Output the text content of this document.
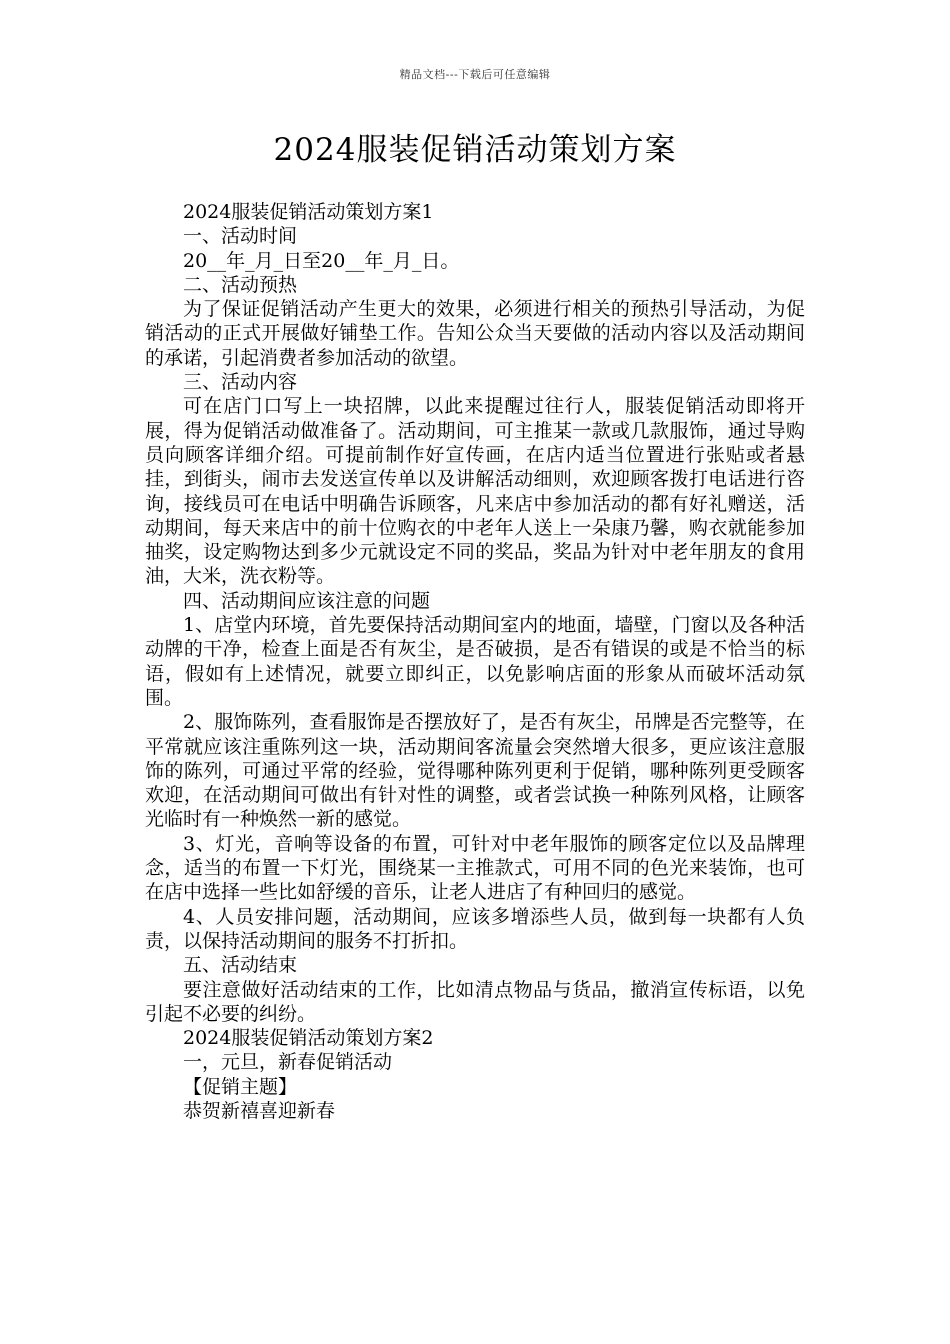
精品文档---下载后可任意编辑
2024服装促销活动策划方案

2024服装促销活动策划方案1

一、活动时间

20__年_月_日至20__年_月_日。

二、活动预热

为了保证促销活动产生更大的效果，必须进行相关的预热引导活动，为促销活动的正式开展做好铺垫工作。告知公众当天要做的活动内容以及活动期间的承诺，引起消费者参加活动的欲望。

三、活动内容

可在店门口写上一块招牌，以此来提醒过往行人，服装促销活动即将开展，得为促销活动做准备了。活动期间，可主推某一款或几款服饰，通过导购员向顾客详细介绍。可提前制作好宣传画，在店内适当位置进行张贴或者悬挂，到街头，闹市去发送宣传单以及讲解活动细则，欢迎顾客拨打电话进行咨询，接线员可在电话中明确告诉顾客，凡来店中参加活动的都有好礼赠送，活动期间，每天来店中的前十位购衣的中老年人送上一朵康乃馨，购衣就能参加抽奖，设定购物达到多少元就设定不同的奖品，奖品为针对中老年朋友的食用油，大米，洗衣粉等。

四、活动期间应该注意的问题

1、店堂内环境，首先要保持活动期间室内的地面，墙壁，门窗以及各种活动牌的干净，检查上面是否有灰尘，是否破损，是否有错误的或是不恰当的标语，假如有上述情况，就要立即纠正，以免影响店面的形象从而破坏活动氛围。

2、服饰陈列，查看服饰是否摆放好了，是否有灰尘，吊牌是否完整等，在平常就应该注重陈列这一块，活动期间客流量会突然增大很多，更应该注意服饰的陈列，可通过平常的经验，觉得哪种陈列更利于促销，哪种陈列更受顾客欢迎，在活动期间可做出有针对性的调整，或者尝试换一种陈列风格，让顾客光临时有一种焕然一新的感觉。

3、灯光，音响等设备的布置，可针对中老年服饰的顾客定位以及品牌理念，适当的布置一下灯光，围绕某一主推款式，可用不同的色光来装饰，也可在店中选择一些比如舒缓的音乐，让老人进店了有种回归的感觉。

4、人员安排问题，活动期间，应该多增添些人员，做到每一块都有人负责，以保持活动期间的服务不打折扣。

五、活动结束

要注意做好活动结束的工作，比如清点物品与货品，撤消宣传标语，以免引起不必要的纠纷。

2024服装促销活动策划方案2

一，元旦，新春促销活动

【促销主题】

恭贺新禧喜迎新春
